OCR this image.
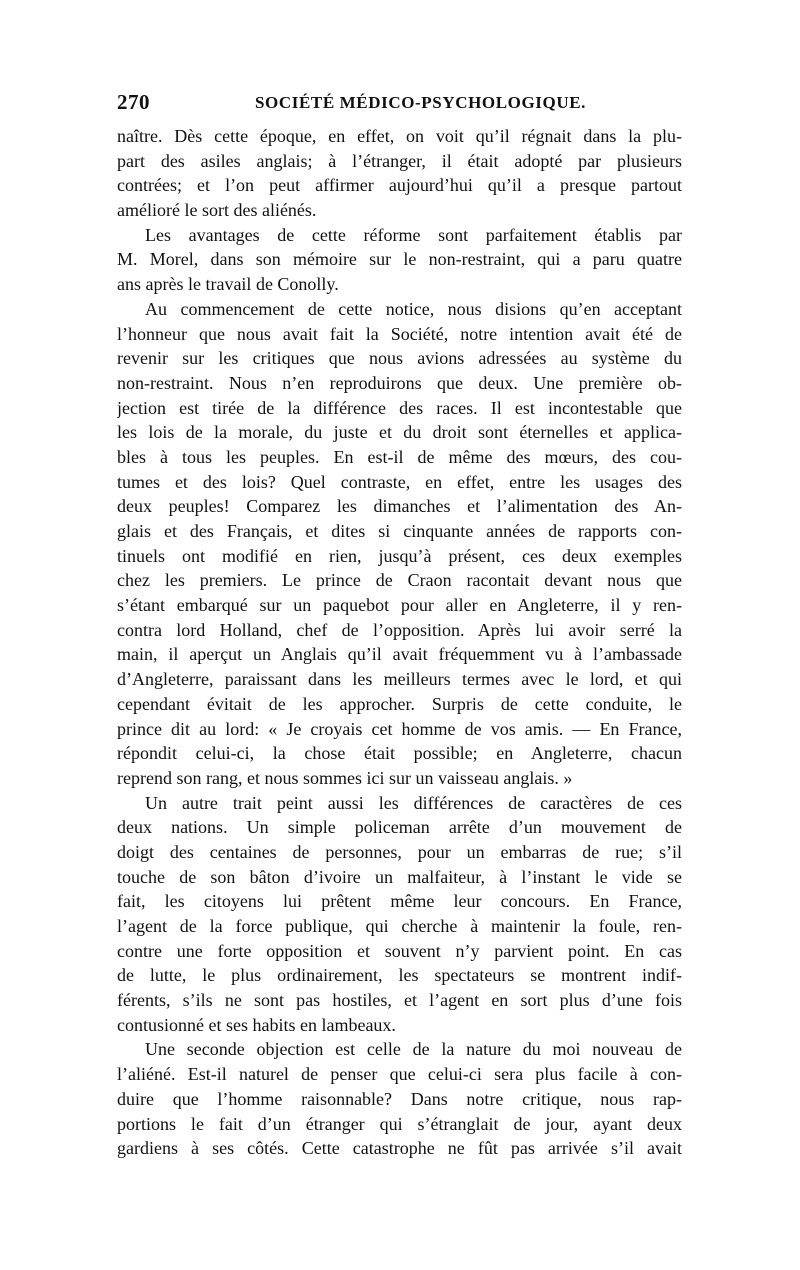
270	SOCIÉTÉ MÉDICO-PSYCHOLOGIQUE.
naître. Dès cette époque, en effet, on voit qu’il régnait dans la plu-
part des asiles anglais; à l’étranger, il était adopté par plusieurs
contrées; et l’on peut affirmer aujourd’hui qu’il a presque partout
amélioré le sort des aliénés.
Les avantages de cette réforme sont parfaitement établis par
M. Morel, dans son mémoire sur le non-restraint, qui a paru quatre
ans après le travail de Conolly.
Au commencement de cette notice, nous disions qu’en acceptant
l’honneur que nous avait fait la Société, notre intention avait été de
revenir sur les critiques que nous avions adressées au système du
non-restraint. Nous n’en reproduirons que deux. Une première ob-
jection est tirée de la différence des races. Il est incontestable que
les lois de la morale, du juste et du droit sont éternelles et applica-
bles à tous les peuples. En est-il de même des mœurs, des cou-
tumes et des lois? Quel contraste, en effet, entre les usages des
deux peuples! Comparez les dimanches et l’alimentation des An-
glais et des Français, et dites si cinquante années de rapports con-
tinuels ont modifié en rien, jusqu’à présent, ces deux exemples
chez les premiers. Le prince de Craon racontait devant nous que
s’étant embarqué sur un paquebot pour aller en Angleterre, il y ren-
contra lord Holland, chef de l’opposition. Après lui avoir serré la
main, il aperçut un Anglais qu’il avait fréquemment vu à l’ambassade
d’Angleterre, paraissant dans les meilleurs termes avec le lord, et qui
cependant évitait de les approcher. Surpris de cette conduite, le
prince dit au lord: « Je croyais cet homme de vos amis. — En France,
répondit celui-ci, la chose était possible; en Angleterre, chacun
reprend son rang, et nous sommes ici sur un vaisseau anglais. »
Un autre trait peint aussi les différences de caractères de ces
deux nations. Un simple policeman arrête d’un mouvement de
doigt des centaines de personnes, pour un embarras de rue; s’il
touche de son bâton d’ivoire un malfaiteur, à l’instant le vide se
fait, les citoyens lui prêtent même leur concours. En France,
l’agent de la force publique, qui cherche à maintenir la foule, ren-
contre une forte opposition et souvent n’y parvient point. En cas
de lutte, le plus ordinairement, les spectateurs se montrent indif-
férents, s’ils ne sont pas hostiles, et l’agent en sort plus d’une fois
contusionné et ses habits en lambeaux.
Une seconde objection est celle de la nature du moi nouveau de
l’aliéné. Est-il naturel de penser que celui-ci sera plus facile à con-
duire que l’homme raisonnable? Dans notre critique, nous rap-
portions le fait d’un étranger qui s’étranglait de jour, ayant deux
gardiens à ses côtés. Cette catastrophe ne fût pas arrivée s’il avait
